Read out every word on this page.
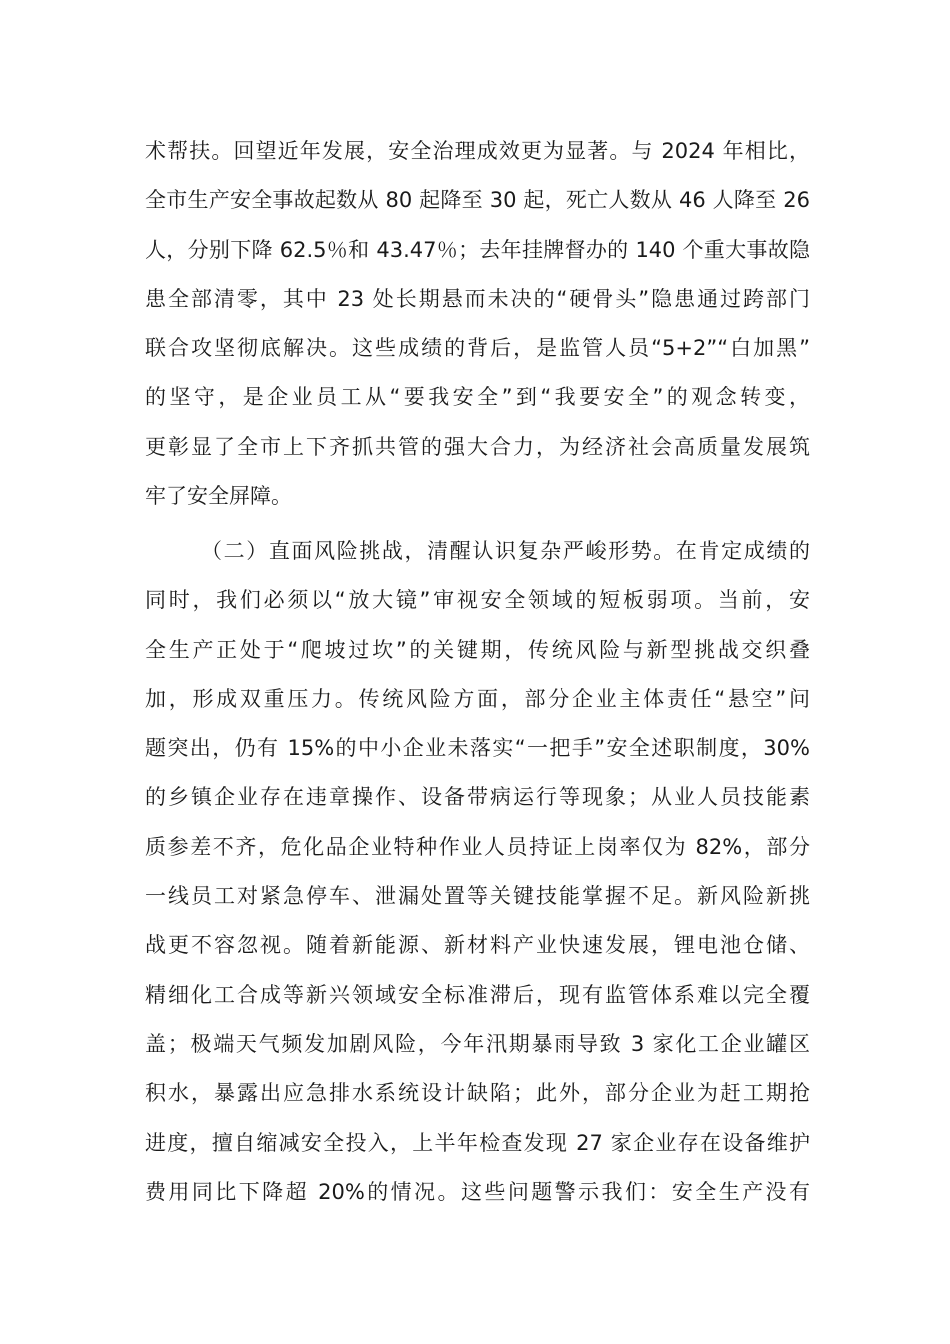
术帮扶。回望近年发展，安全治理成效更为显著。与 2024 年相比，
全市生产安全事故起数从 80 起降至 30 起，死亡人数从 46 人降至 26
人，分别下降 62.5％和 43.47％；去年挂牌督办的 140 个重大事故隐
患全部清零，其中 23 处长期悬而未决的“硬骨头”隐患通过跨部门
联合攻坚彻底解决。这些成绩的背后，是监管人员“5+2”“白加黑”
的坚守，是企业员工从“要我安全”到“我要安全”的观念转变，
更彰显了全市上下齐抓共管的强大合力，为经济社会高质量发展筑
牢了安全屏障。
（二）直面风险挑战，清醒认识复杂严峻形势。在肯定成绩的
同时，我们必须以“放大镜”审视安全领域的短板弱项。当前，安
全生产正处于“爬坡过坎”的关键期，传统风险与新型挑战交织叠
加，形成双重压力。传统风险方面，部分企业主体责任“悬空”问
题突出，仍有 15%的中小企业未落实“一把手”安全述职制度，30%
的乡镇企业存在违章操作、设备带病运行等现象；从业人员技能素
质参差不齐，危化品企业特种作业人员持证上岗率仅为 82%，部分
一线员工对紧急停车、泄漏处置等关键技能掌握不足。新风险新挑
战更不容忽视。随着新能源、新材料产业快速发展，锂电池仓储、
精细化工合成等新兴领域安全标准滞后，现有监管体系难以完全覆
盖；极端天气频发加剧风险，今年汛期暴雨导致 3 家化工企业罐区
积水，暴露出应急排水系统设计缺陷；此外，部分企业为赶工期抢
进度，擅自缩减安全投入，上半年检查发现 27 家企业存在设备维护
费用同比下降超 20%的情况。这些问题警示我们：安全生产没有
